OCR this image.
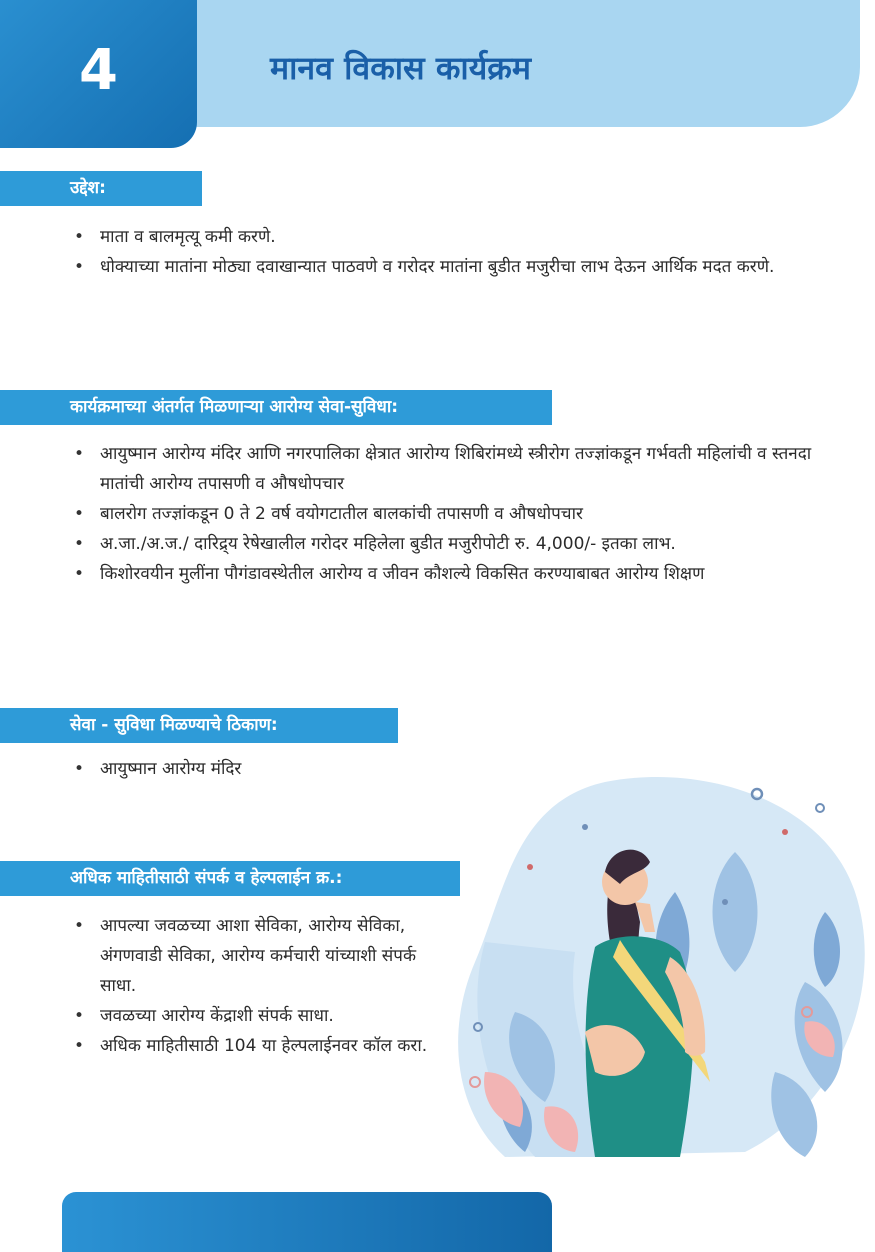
4	मानव विकास कार्यक्रम
उद्देश:
• माता व बालमृत्यू कमी करणे.
• धोक्याच्या मातांना मोठ्या दवाखान्यात पाठवणे व गरोदर मातांना बुडीत मजुरीचा लाभ देऊन आर्थिक मदत करणे.
कार्यक्रमाच्या अंतर्गत मिळणाऱ्या आरोग्य सेवा-सुविधा:
• आयुष्मान आरोग्य मंदिर आणि नगरपालिका क्षेत्रात आरोग्य शिबिरांमध्ये स्त्रीरोग तज्ज्ञांकडून गर्भवती महिलांची व स्तनदा मातांची आरोग्य तपासणी व औषधोपचार
• बालरोग तज्ज्ञांकडून 0 ते 2 वर्ष वयोगटातील बालकांची तपासणी व औषधोपचार
• अ.जा./अ.ज./ दारिद्र्य रेषेखालील गरोदर महिलेला बुडीत मजुरीपोटी रु. 4,000/- इतका लाभ.
• किशोरवयीन मुलींना पौगंडावस्थेतील आरोग्य व जीवन कौशल्ये विकसित करण्याबाबत आरोग्य शिक्षण
सेवा - सुविधा मिळण्याचे ठिकाण:
• आयुष्मान आरोग्य मंदिर
अधिक माहितीसाठी संपर्क व हेल्पलाईन क्र.:
• आपल्या जवळच्या आशा सेविका, आरोग्य सेविका, अंगणवाडी सेविका, आरोग्य कर्मचारी यांच्याशी संपर्क साधा.
• जवळच्या आरोग्य केंद्राशी संपर्क साधा.
• अधिक माहितीसाठी 104 या हेल्पलाईनवर कॉल करा.
